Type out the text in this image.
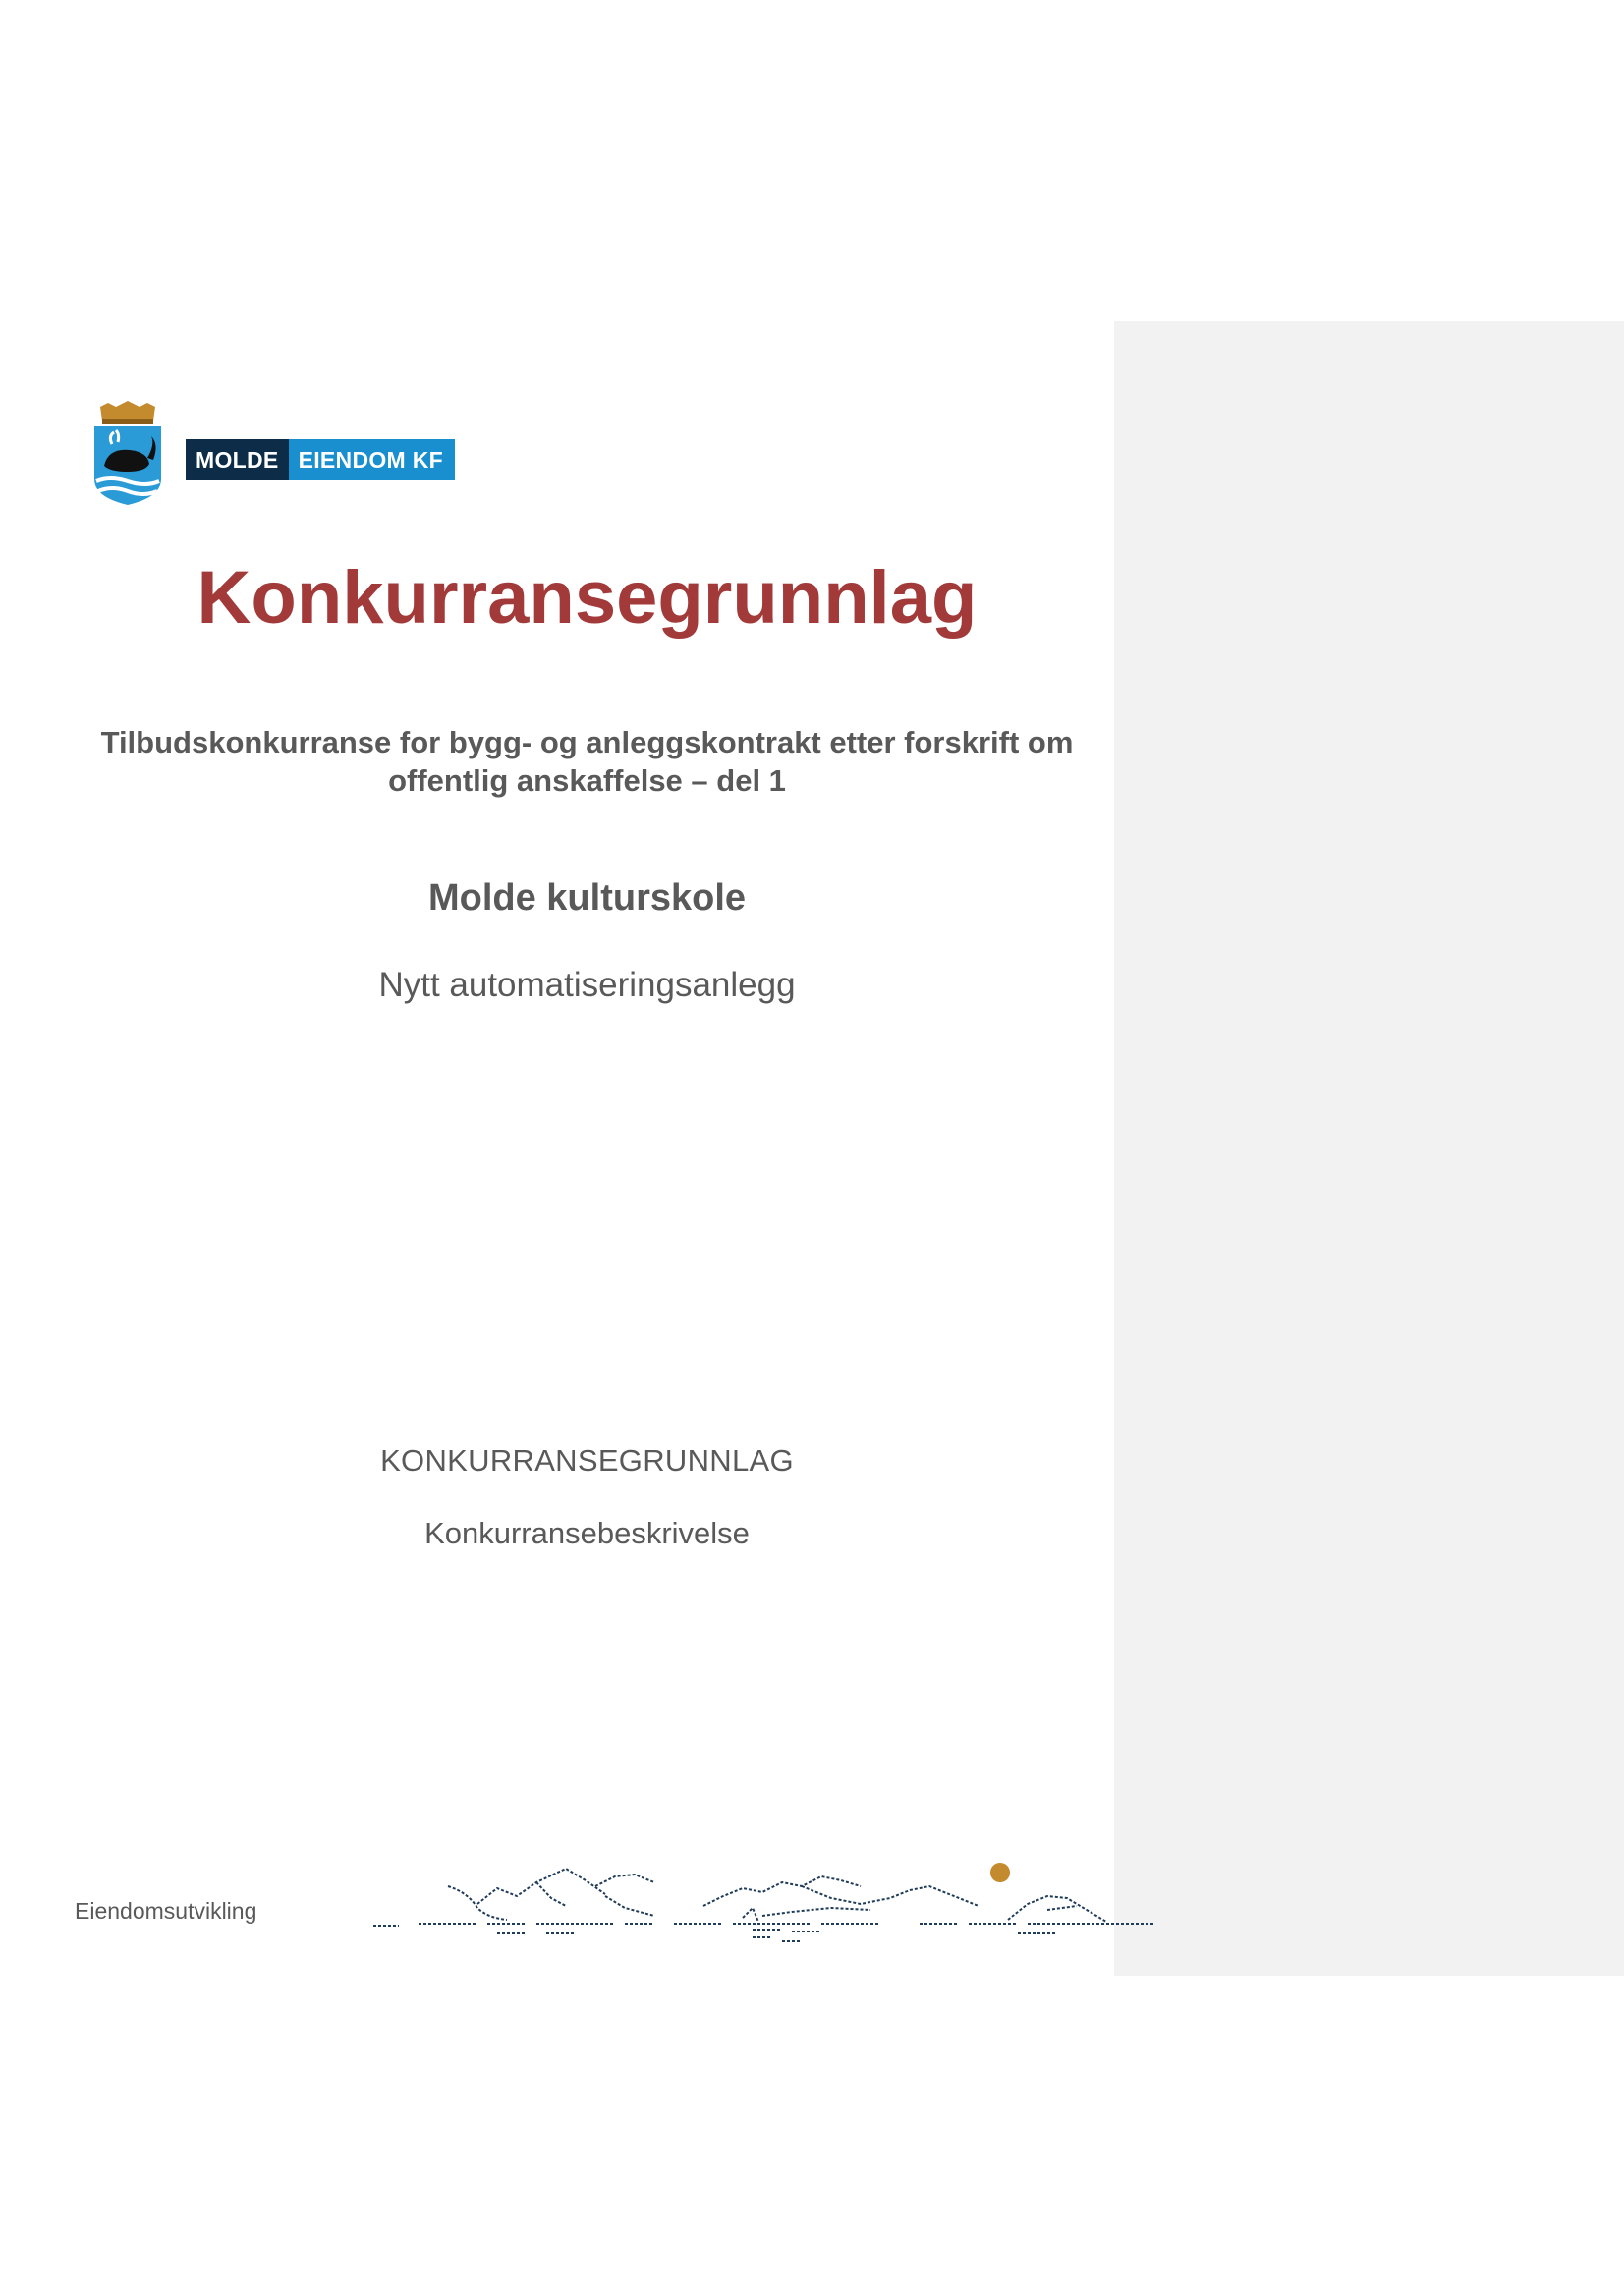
MOLDE EIENDOM KF
Konkurransegrunnlag
Tilbudskonkurranse for bygg- og anleggskontrakt etter forskrift om
offentlig anskaffelse – del 1
Molde kulturskole
Nytt automatiseringsanlegg
KONKURRANSEGRUNNLAG
Konkurransebeskrivelse
Eiendomsutvikling
